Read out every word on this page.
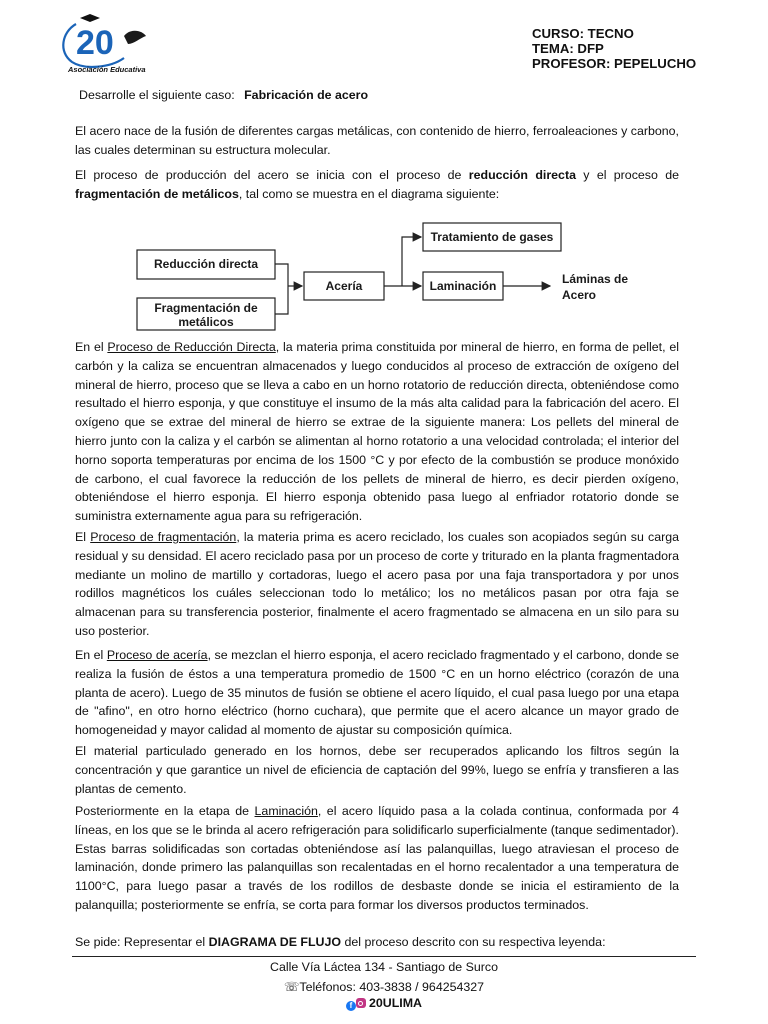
20
Asociación Educativa
CURSO: TECNO
TEMA: DFP
PROFESOR: PEPELUCHO
Desarrolle el siguiente caso: Fabricación de acero
El acero nace de la fusión de diferentes cargas metálicas, con contenido de hierro, ferroaleaciones y carbono, las cuales determinan su estructura molecular.
El proceso de producción del acero se inicia con el proceso de reducción directa y el proceso de fragmentación de metálicos, tal como se muestra en el diagrama siguiente:
Reducción directa
Fragmentación de
metálicos
Acería
Tratamiento de gases
Laminación	Láminas de
Acero
En el Proceso de Reducción Directa, la materia prima constituida por mineral de hierro, en forma de pellet, el carbón y la caliza se encuentran almacenados y luego conducidos al proceso de extracción de oxígeno del mineral de hierro, proceso que se lleva a cabo en un horno rotatorio de reducción directa, obteniéndose como resultado el hierro esponja, y que constituye el insumo de la más alta calidad para la fabricación del acero. El oxígeno que se extrae del mineral de hierro se extrae de la siguiente manera: Los pellets del mineral de hierro junto con la caliza y el carbón se alimentan al horno rotatorio a una velocidad controlada; el interior del horno soporta temperaturas por encima de los 1500 °C y por efecto de la combustión se produce monóxido de carbono, el cual favorece la reducción de los pellets de mineral de hierro, es decir pierden oxígeno, obteniéndose el hierro esponja. El hierro esponja obtenido pasa luego al enfriador rotatorio donde se suministra externamente agua para su refrigeración.
El Proceso de fragmentación, la materia prima es acero reciclado, los cuales son acopiados según su carga residual y su densidad. El acero reciclado pasa por un proceso de corte y triturado en la planta fragmentadora mediante un molino de martillo y cortadoras, luego el acero pasa por una faja transportadora y por unos rodillos magnéticos los cuáles seleccionan todo lo metálico; los no metálicos pasan por otra faja se almacenan para su transferencia posterior, finalmente el acero fragmentado se almacena en un silo para su uso posterior.
En el Proceso de acería, se mezclan el hierro esponja, el acero reciclado fragmentado y el carbono, donde se realiza la fusión de éstos a una temperatura promedio de 1500 °C en un horno eléctrico (corazón de una planta de acero). Luego de 35 minutos de fusión se obtiene el acero líquido, el cual pasa luego por una etapa de "afino", en otro horno eléctrico (horno cuchara), que permite que el acero alcance un mayor grado de homogeneidad y mayor calidad al momento de ajustar su composición química.
El material particulado generado en los hornos, debe ser recuperados aplicando los filtros según la concentración y que garantice un nivel de eficiencia de captación del 99%, luego se enfría y transfieren a las plantas de cemento.
Posteriormente en la etapa de Laminación, el acero líquido pasa a la colada continua, conformada por 4 líneas, en los que se le brinda al acero refrigeración para solidificarlo superficialmente (tanque sedimentador). Estas barras solidificadas son cortadas obteniéndose así las palanquillas, luego atraviesan el proceso de laminación, donde primero las palanquillas son recalentadas en el horno recalentador a una temperatura de 1100°C, para luego pasar a través de los rodillos de desbaste donde se inicia el estiramiento de la palanquilla; posteriormente se enfría, se corta para formar los diversos productos terminados.
Se pide: Representar el DIAGRAMA DE FLUJO del proceso descrito con su respectiva leyenda:
Calle Vía Láctea 134 - Santiago de Surco
☏Teléfonos: 403-3838 / 964254327
f 20ULIMA
